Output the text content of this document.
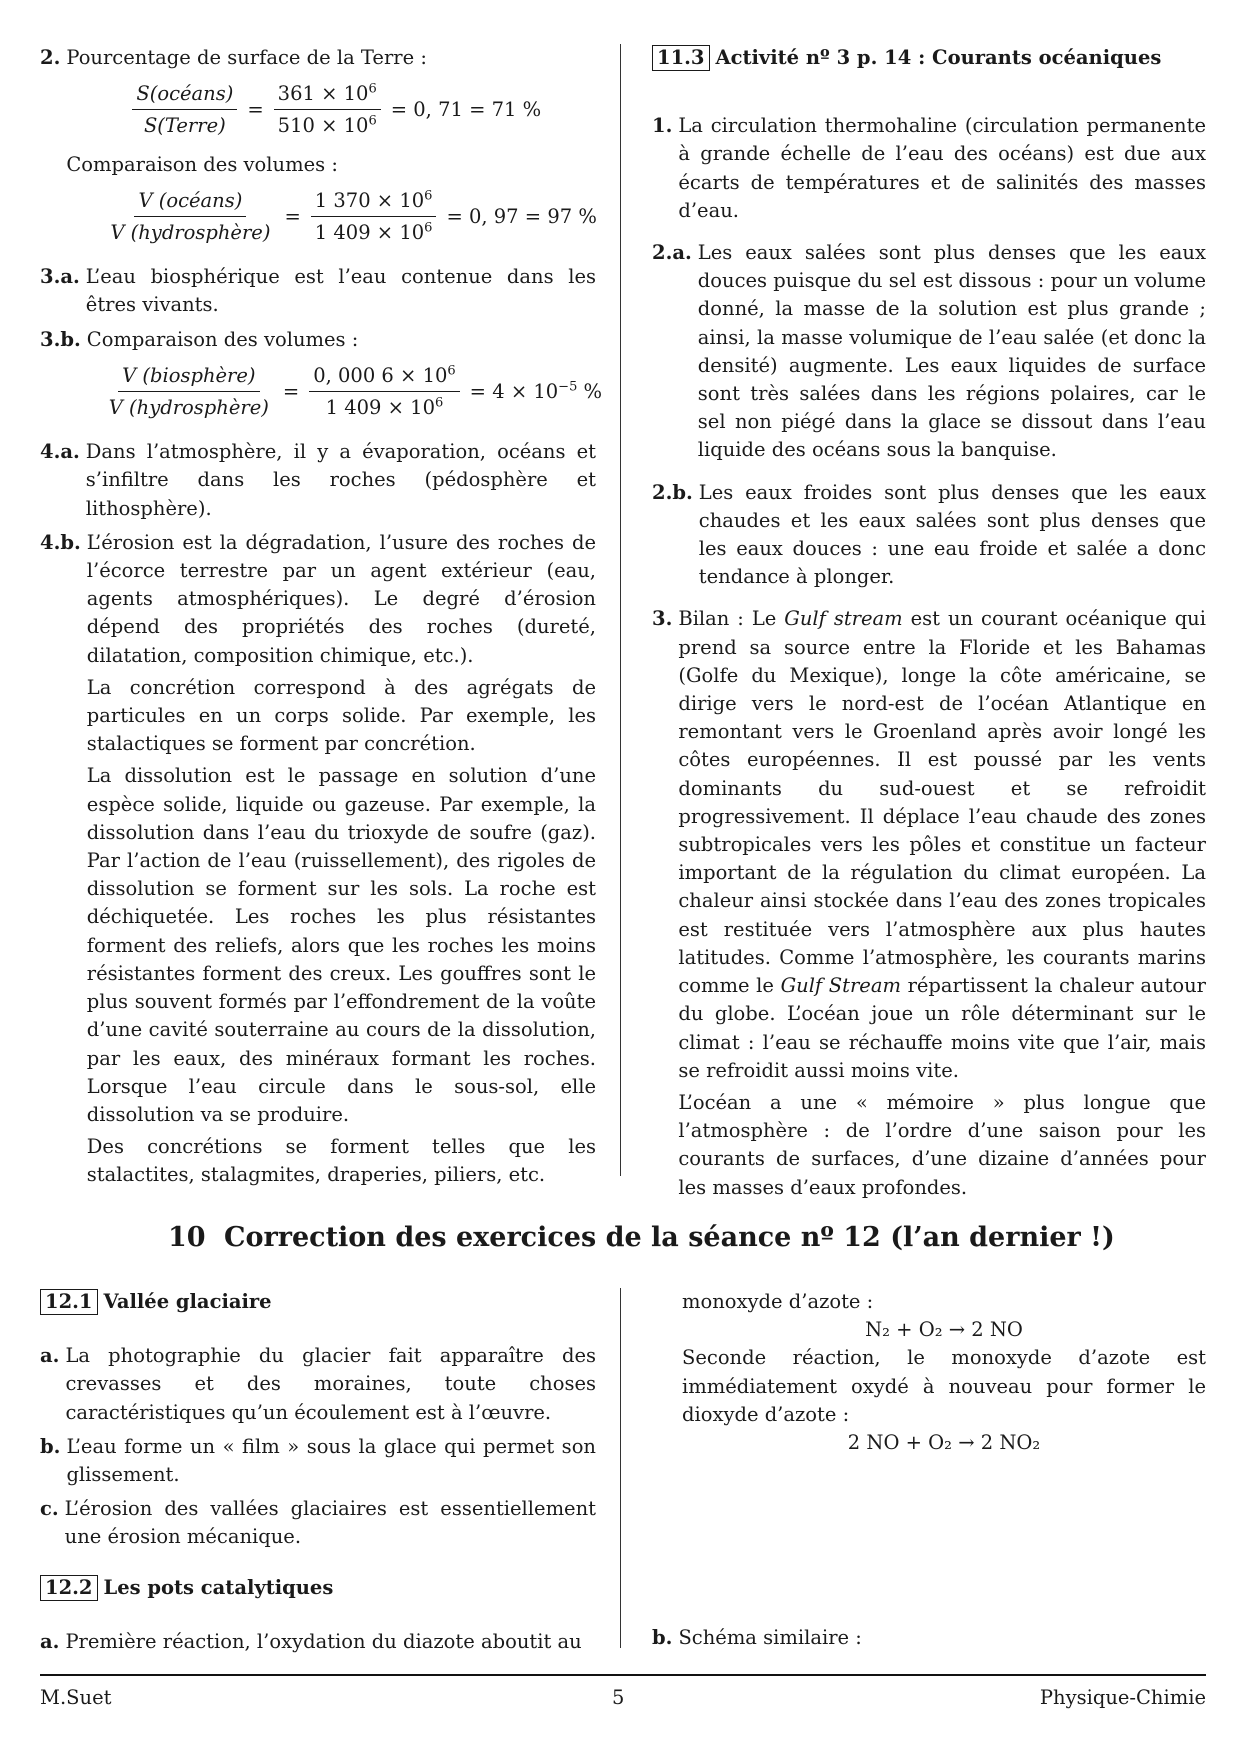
2. Pourcentage de surface de la Terre :

$\frac{\text{S(océans)}}{\text{S(Terre)}} = \frac{361 \times 10^6}{510 \times 10^6} = 0$, 71 = 71 %

Comparaison des volumes :

$\frac{\text{V (océans)}}{\text{V (hydrosphère)}} = \frac{1 370 \times 10^6}{1 409 \times 10^6} = 0$, 97 = 97 %
3.a. L’eau biosphérique est l’eau contenue dans les êtres vivants.

3.b. Comparaison des volumes :

$\frac{\text{V (biosphère)}}{\text{V (hydrosphère)}} = \frac{0, 000 6 \times 10^6}{1 409 \times 10^6} = 4 \times 10^{-5}$ %
4.a. Dans l’atmosphère, il y a évaporation, océans et s’infiltre dans les roches (pédosphère et lithosphère).

4.b. L’érosion est la dégradation, l’usure des roches de l’écorce terrestre par un agent extérieur (eau, agents atmosphériques). Le degré d’érosion dépend des propriétés des roches (dureté, dilatation, composition chimique, etc.).

La concrétion correspond à des agrégats de particules en un corps solide. Par exemple, les stalactiques se forment par concrétion.

La dissolution est le passage en solution d’une espèce solide, liquide ou gazeuse. Par exemple, la dissolution dans l’eau du trioxyde de soufre (gaz). Par l’action de l’eau (ruissellement), des rigoles de dissolution se forment sur les sols. La roche est déchiquetée. Les roches les plus résistantes forment des reliefs, alors que les roches les moins résistantes forment des creux. Les gouffres sont le plus souvent formés par l’effondrement de la voûte d’une cavité souterraine au cours de la dissolution, par les eaux, des minéraux formant les roches. Lorsque l’eau circule dans le sous-sol, elle dissolution va se produire.

Des concrétions se forment telles que les stalactites, stalagmites, draperies, piliers, etc.

11.3 Activité nº 3 p. 14 : Courants océaniques

1. La circulation thermohaline (circulation permanente à grande échelle de l’eau des océans) est due aux écarts de températures et de salinités des masses d’eau.

2.a. Les eaux salées sont plus denses que les eaux douces puisque du sel est dissous : pour un volume donné, la masse de la solution est plus grande ; ainsi, la masse volumique de l’eau salée (et donc la densité) augmente. Les eaux liquides de surface sont très salées dans les régions polaires, car le sel non piégé dans la glace se dissout dans l’eau liquide des océans sous la banquise.

2.b. Les eaux froides sont plus denses que les eaux chaudes et les eaux salées sont plus denses que les eaux douces : une eau froide et salée a donc tendance à plonger.

3. Bilan : Le Gulf stream est un courant océanique qui prend sa source entre la Floride et les Bahamas (Golfe du Mexique), longe la côte américaine, se dirige vers le nord-est de l’océan Atlantique en remontant vers le Groenland après avoir longé les côtes européennes. Il est poussé par les vents dominants du sud-ouest et se refroidit progressivement. Il déplace l’eau chaude des zones subtropicales vers les pôles et constitue un facteur important de la régulation du climat européen. La chaleur ainsi stockée dans l’eau des zones tropicales est restituée vers l’atmosphère aux plus hautes latitudes. Comme l’atmosphère, les courants marins comme le Gulf Stream répartissent la chaleur autour du globe. L’océan joue un rôle déterminant sur le climat : l’eau se réchauffe moins vite que l’air, mais se refroidit aussi moins vite.

L’océan a une « mémoire » plus longue que l’atmosphère : de l’ordre d’une saison pour les courants de surfaces, d’une dizaine d’années pour les masses d’eaux profondes.

10 Correction des exercices de la séance nº 12 (l’an dernier !)

12.1 Vallée glaciaire

a. La photographie du glacier fait apparaître des crevasses et des moraines, toute choses caractéristiques qu’un écoulement est à l’œuvre.

b. L’eau forme un « film » sous la glace qui permet son glissement.

c. L’érosion des vallées glaciaires est essentiellement une érosion mécanique.

12.2 Les pots catalytiques

a. Première réaction, l’oxydation du diazote aboutit au

monoxyde d’azote :

N₂ + O₂ → 2 NO

Seconde réaction, le monoxyde d’azote est immédiatement oxydé à nouveau pour former le dioxyde d’azote :

2 NO + O₂ → 2 NO₂

b. Schéma similaire :

M.Suet	5	Physique-Chimie
